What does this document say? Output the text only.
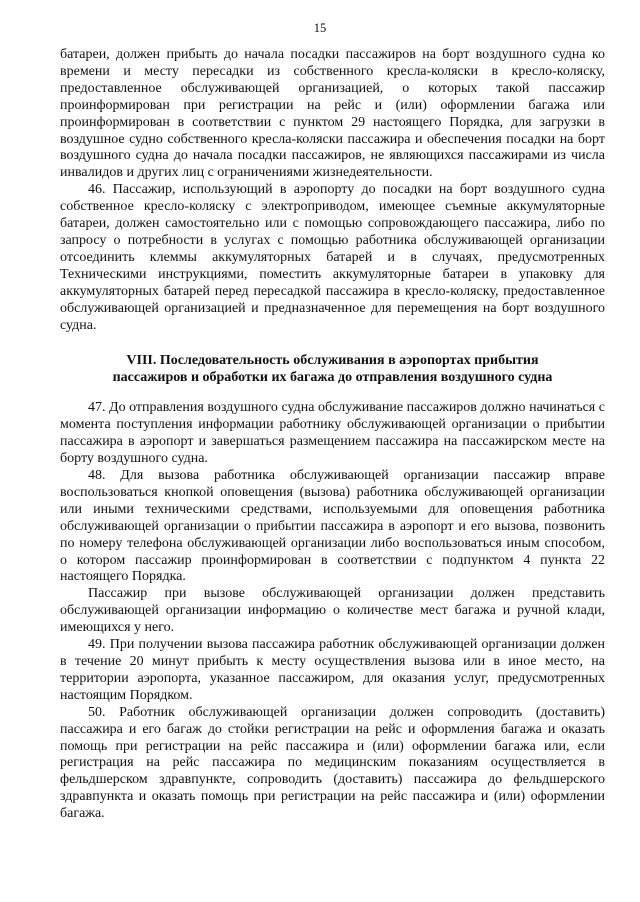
15

батареи, должен прибыть до начала посадки пассажиров на борт воздушного судна ко времени и месту пересадки из собственного кресла-коляски в кресло-коляску, предоставленное обслуживающей организацией, о которых такой пассажир проинформирован при регистрации на рейс и (или) оформлении багажа или проинформирован в соответствии с пунктом 29 настоящего Порядка, для загрузки в воздушное судно собственного кресла-коляски пассажира и обеспечения посадки на борт воздушного судна до начала посадки пассажиров, не являющихся пассажирами из числа инвалидов и других лиц с ограничениями жизнедеятельности.

46. Пассажир, использующий в аэропорту до посадки на борт воздушного судна собственное кресло-коляску с электроприводом, имеющее съемные аккумуляторные батареи, должен самостоятельно или с помощью сопровождающего пассажира, либо по запросу о потребности в услугах с помощью работника обслуживающей организации отсоединить клеммы аккумуляторных батарей и в случаях, предусмотренных Техническими инструкциями, поместить аккумуляторные батареи в упаковку для аккумуляторных батарей перед пересадкой пассажира в кресло-коляску, предоставленное обслуживающей организацией и предназначенное для перемещения на борт воздушного судна.

VIII. Последовательность обслуживания в аэропортах прибытия
пассажиров и обработки их багажа до отправления воздушного судна

47. До отправления воздушного судна обслуживание пассажиров должно начинаться с момента поступления информации работнику обслуживающей организации о прибытии пассажира в аэропорт и завершаться размещением пассажира на пассажирском месте на борту воздушного судна.

48. Для вызова работника обслуживающей организации пассажир вправе воспользоваться кнопкой оповещения (вызова) работника обслуживающей организации или иными техническими средствами, используемыми для оповещения работника обслуживающей организации о прибытии пассажира в аэропорт и его вызова, позвонить по номеру телефона обслуживающей организации либо воспользоваться иным способом, о котором пассажир проинформирован в соответствии с подпунктом 4 пункта 22 настоящего Порядка.

Пассажир при вызове обслуживающей организации должен представить обслуживающей организации информацию о количестве мест багажа и ручной клади, имеющихся у него.

49. При получении вызова пассажира работник обслуживающей организации должен в течение 20 минут прибыть к месту осуществления вызова или в иное место, на территории аэропорта, указанное пассажиром, для оказания услуг, предусмотренных настоящим Порядком.

50. Работник обслуживающей организации должен сопроводить (доставить) пассажира и его багаж до стойки регистрации на рейс и оформления багажа и оказать помощь при регистрации на рейс пассажира и (или) оформлении багажа или, если регистрация на рейс пассажира по медицинским показаниям осуществляется в фельдшерском здравпункте, сопроводить (доставить) пассажира до фельдшерского здравпункта и оказать помощь при регистрации на рейс пассажира и (или) оформлении багажа.
